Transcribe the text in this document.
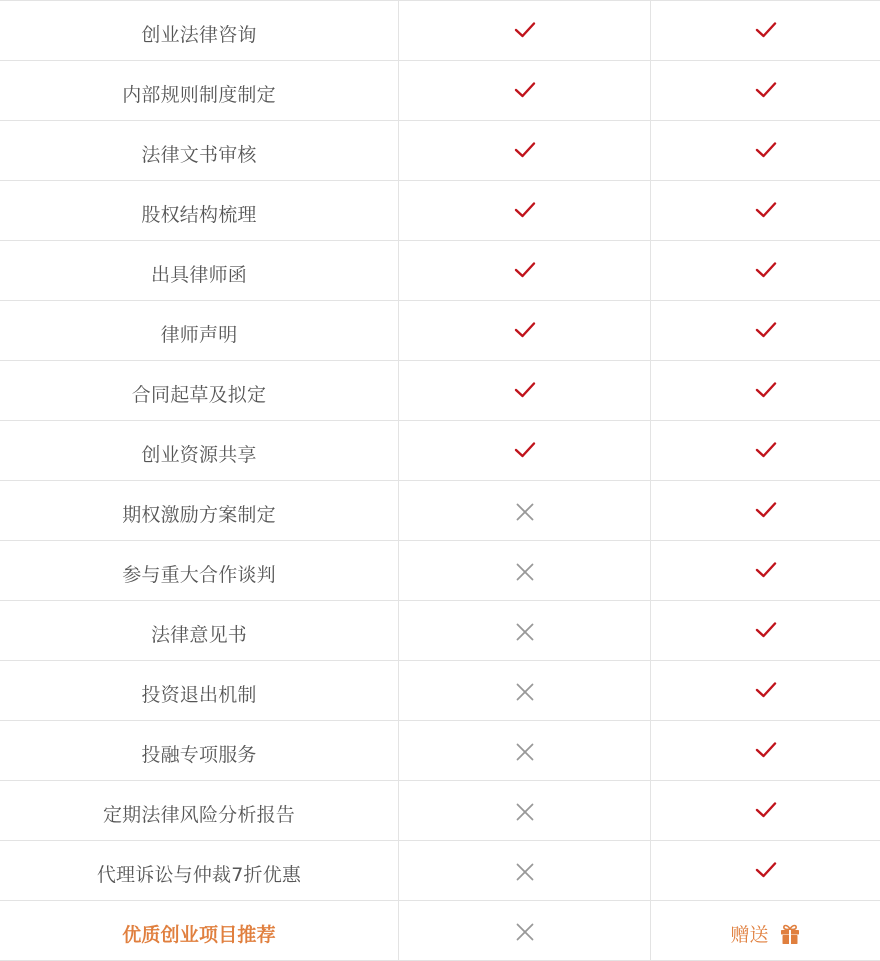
创业法律咨询
内部规则制度制定
法律文书审核
股权结构梳理
出具律师函
律师声明
合同起草及拟定
创业资源共享
期权激励方案制定
参与重大合作谈判
法律意见书
投资退出机制
投融专项服务
定期法律风险分析报告
代理诉讼与仲裁7折优惠
优质创业项目推荐	赠送
